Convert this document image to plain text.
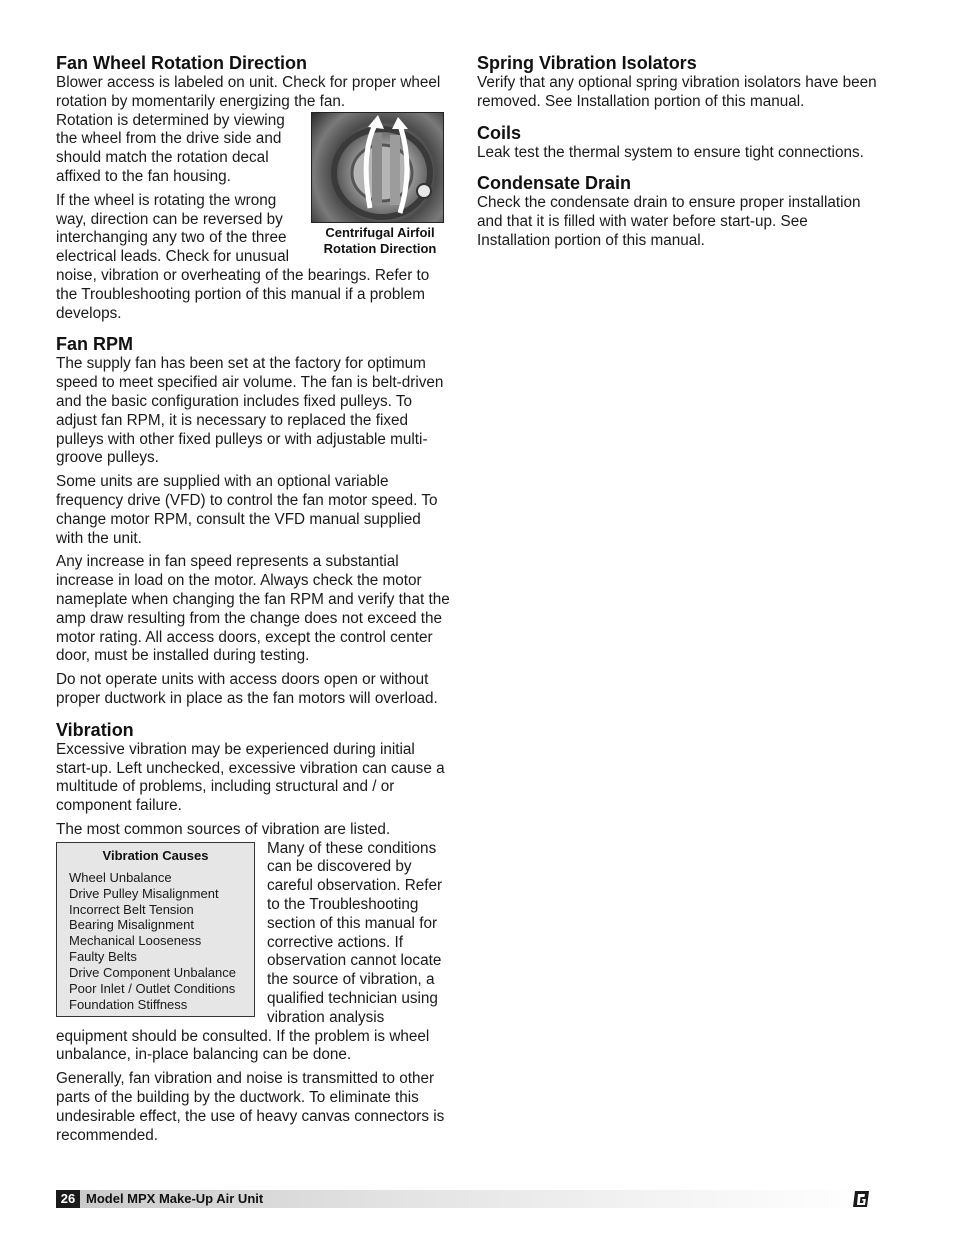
Fan Wheel Rotation Direction

Blower access is labeled on unit. Check for proper wheel rotation by momentarily energizing the fan.

Centrifugal Airfoil Rotation Direction

Rotation is determined by viewing the wheel from the drive side and should match the rotation decal affixed to the fan housing.

If the wheel is rotating the wrong way, direction can be reversed by interchanging any two of the three electrical leads. Check for unusual noise, vibration or overheating of the bearings. Refer to the Troubleshooting portion of this manual if a problem develops.

Fan RPM

The supply fan has been set at the factory for optimum speed to meet specified air volume. The fan is belt-driven and the basic configuration includes fixed pulleys. To adjust fan RPM, it is necessary to replaced the fixed pulleys with other fixed pulleys or with adjustable multi-groove pulleys.

Some units are supplied with an optional variable frequency drive (VFD) to control the fan motor speed. To change motor RPM, consult the VFD manual supplied with the unit.

Any increase in fan speed represents a substantial increase in load on the motor. Always check the motor nameplate when changing the fan RPM and verify that the amp draw resulting from the change does not exceed the motor rating. All access doors, except the control center door, must be installed during testing.

Do not operate units with access doors open or without proper ductwork in place as the fan motors will overload.

Vibration

Excessive vibration may be experienced during initial start-up. Left unchecked, excessive vibration can cause a multitude of problems, including structural and / or component failure.

The most common sources of vibration are listed.

Vibration Causes
Wheel Unbalance
Drive Pulley Misalignment
Incorrect Belt Tension
Bearing Misalignment
Mechanical Looseness
Faulty Belts
Drive Component Unbalance
Poor Inlet / Outlet Conditions
Foundation Stiffness

Many of these conditions can be discovered by careful observation. Refer to the Troubleshooting section of this manual for corrective actions. If observation cannot locate the source of vibration, a qualified technician using vibration analysis equipment should be consulted. If the problem is wheel unbalance, in-place balancing can be done.

Generally, fan vibration and noise is transmitted to other parts of the building by the ductwork. To eliminate this undesirable effect, the use of heavy canvas connectors is recommended.

Spring Vibration Isolators

Verify that any optional spring vibration isolators have been removed. See Installation portion of this manual.

Coils

Leak test the thermal system to ensure tight connections.

Condensate Drain

Check the condensate drain to ensure proper installation and that it is filled with water before start-up. See Installation portion of this manual.

26 Model MPX Make-Up Air Unit
